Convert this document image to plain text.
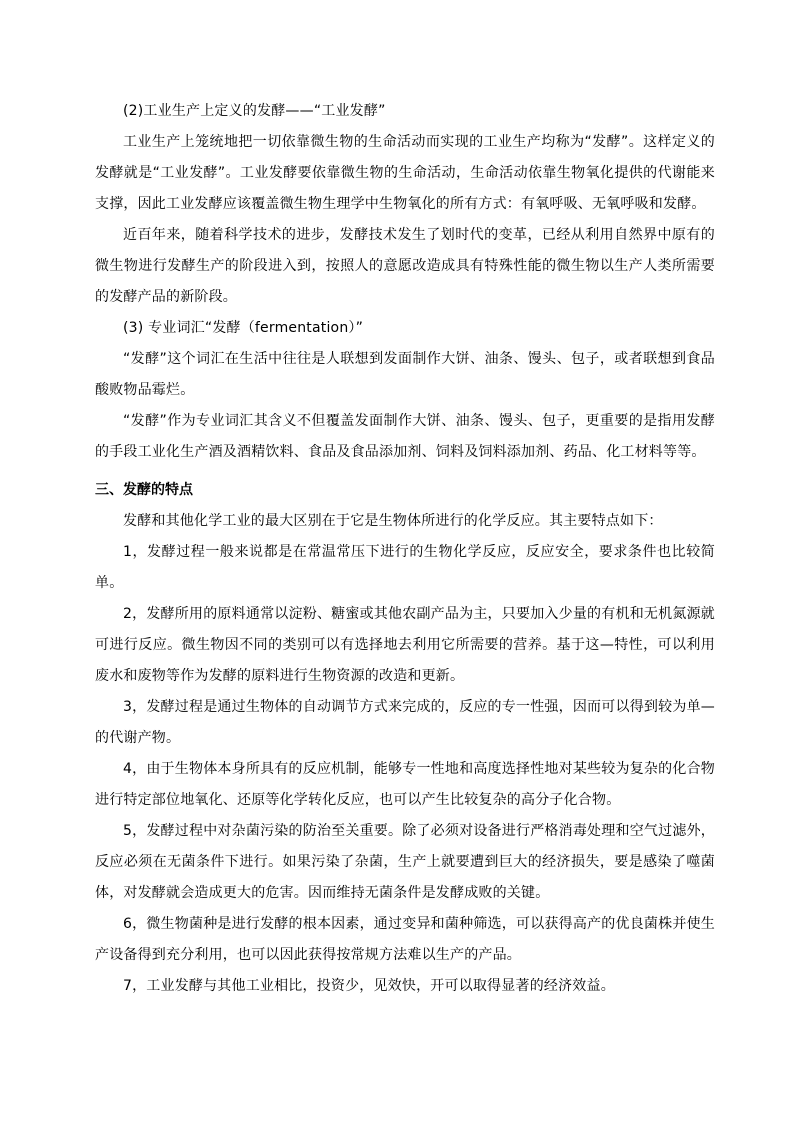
(2)工业生产上定义的发酵——“工业发酵”

工业生产上笼统地把一切依靠微生物的生命活动而实现的工业生产均称为“发酵”。这样定义的发酵就是“工业发酵”。工业发酵要依靠微生物的生命活动，生命活动依靠生物氧化提供的代谢能来支撑，因此工业发酵应该覆盖微生物生理学中生物氧化的所有方式：有氧呼吸、无氧呼吸和发酵。

近百年来，随着科学技术的进步，发酵技术发生了划时代的变革，已经从利用自然界中原有的微生物进行发酵生产的阶段进入到，按照人的意愿改造成具有特殊性能的微生物以生产人类所需要的发酵产品的新阶段。

(3) 专业词汇“发酵（fermentation）”

“发酵”这个词汇在生活中往往是人联想到发面制作大饼、油条、馒头、包子，或者联想到食品酸败物品霉烂。

“发酵”作为专业词汇其含义不但覆盖发面制作大饼、油条、馒头、包子，更重要的是指用发酵的手段工业化生产酒及酒精饮料、食品及食品添加剂、饲料及饲料添加剂、药品、化工材料等等。

三、发酵的特点

发酵和其他化学工业的最大区别在于它是生物体所进行的化学反应。其主要特点如下：

1，发酵过程一般来说都是在常温常压下进行的生物化学反应，反应安全，要求条件也比较简单。

2，发酵所用的原料通常以淀粉、糖蜜或其他农副产品为主，只要加入少量的有机和无机氮源就可进行反应。微生物因不同的类别可以有选择地去利用它所需要的营养。基于这—特性，可以利用废水和废物等作为发酵的原料进行生物资源的改造和更新。

3，发酵过程是通过生物体的自动调节方式来完成的，反应的专一性强，因而可以得到较为单—的代谢产物。

4，由于生物体本身所具有的反应机制，能够专一性地和高度选择性地对某些较为复杂的化合物进行特定部位地氧化、还原等化学转化反应，也可以产生比较复杂的高分子化合物。

5，发酵过程中对杂菌污染的防治至关重要。除了必须对设备进行严格消毒处理和空气过滤外，反应必须在无菌条件下进行。如果污染了杂菌，生产上就要遭到巨大的经济损失，要是感染了噬菌体，对发酵就会造成更大的危害。因而维持无菌条件是发酵成败的关键。

6，微生物菌种是进行发酵的根本因素，通过变异和菌种筛选，可以获得高产的优良菌株并使生产设备得到充分利用，也可以因此获得按常规方法难以生产的产品。

7，工业发酵与其他工业相比，投资少，见效快，开可以取得显著的经济效益。
